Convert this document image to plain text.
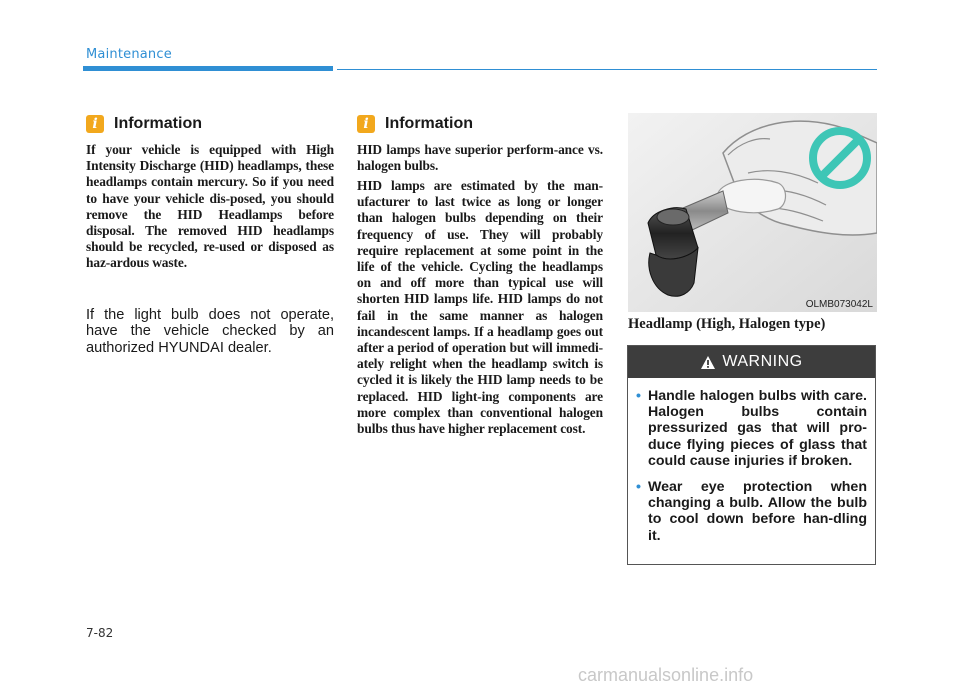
Maintenance
i	Information

If your vehicle is equipped with High Intensity Discharge (HID) headlamps, these headlamps contain mercury. So if you need to have your vehicle dis-posed, you should remove the HID Headlamps before disposal. The removed HID headlamps should be recycled, re-used or disposed as haz-ardous waste.

If the light bulb does not operate, have the vehicle checked by an authorized HYUNDAI dealer.

i	Information

HID lamps have superior perform-ance vs. halogen bulbs.

HID lamps are estimated by the man-ufacturer to last twice as long or longer than halogen bulbs depending on their frequency of use. They will probably require replacement at some point in the life of the vehicle. Cycling the headlamps on and off more than typical use will shorten HID lamps life. HID lamps do not fail in the same manner as halogen incandescent lamps. If a headlamp goes out after a period of operation but will immedi-ately relight when the headlamp switch is cycled it is likely the HID lamp needs to be replaced. HID light-ing components are more complex than conventional halogen bulbs thus have higher replacement cost.

OLMB073042L
Headlamp (High, Halogen type)
WARNING
• Handle halogen bulbs with care. Halogen bulbs contain pressurized gas that will pro-duce flying pieces of glass that could cause injuries if broken.
• Wear eye protection when changing a bulb. Allow the bulb to cool down before han-dling it.
7-82
carmanualsonline.info
